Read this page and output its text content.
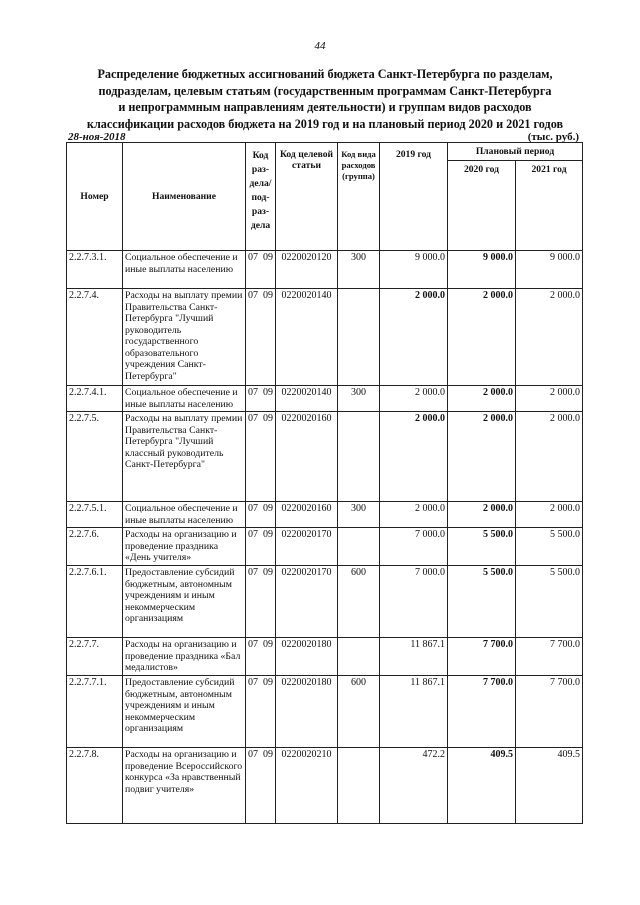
44
Распределение бюджетных ассигнований бюджета Санкт-Петербурга по разделам,
подразделам, целевым статьям (государственным программам Санкт-Петербурга
и непрограммным направлениям деятельности) и группам видов расходов
классификации расходов бюджета на 2019 год и на плановый период 2020 и 2021 годов
28-ноя-2018	(тыс. руб.)
Номер	Наименование	Код раз-дела/ под-раз-дела	Код целевой статьи	Код вида расходов (группа)	2019 год	Плановый период	
						2020 год	2021 год
2.2.7.3.1.	Социальное обеспечение и иные выплаты населению	07 09	0220020120	300	9 000.0	9 000.0	9 000.0
2.2.7.4.	Расходы на выплату премии Правительства Санкт-Петербурга "Лучший руководитель государственного образовательного учреждения Санкт-Петербурга"	07 09	0220020140		2 000.0	2 000.0	2 000.0
2.2.7.4.1.	Социальное обеспечение и иные выплаты населению	07 09	0220020140	300	2 000.0	2 000.0	2 000.0
2.2.7.5.	Расходы на выплату премии Правительства Санкт-Петербурга "Лучший классный руководитель Санкт-Петербурга"	07 09	0220020160		2 000.0	2 000.0	2 000.0
2.2.7.5.1.	Социальное обеспечение и иные выплаты населению	07 09	0220020160	300	2 000.0	2 000.0	2 000.0
2.2.7.6.	Расходы на организацию и проведение праздника «День учителя»	07 09	0220020170		7 000.0	5 500.0	5 500.0
2.2.7.6.1.	Предоставление субсидий бюджетным, автономным учреждениям и иным некоммерческим организациям	07 09	0220020170	600	7 000.0	5 500.0	5 500.0
2.2.7.7.	Расходы на организацию и проведение праздника «Бал медалистов»	07 09	0220020180		11 867.1	7 700.0	7 700.0
2.2.7.7.1.	Предоставление субсидий бюджетным, автономным учреждениям и иным некоммерческим организациям	07 09	0220020180	600	11 867.1	7 700.0	7 700.0
2.2.7.8.	Расходы на организацию и проведение Всероссийского конкурса «За нравственный подвиг учителя»	07 09	0220020210		472.2	409.5	409.5
